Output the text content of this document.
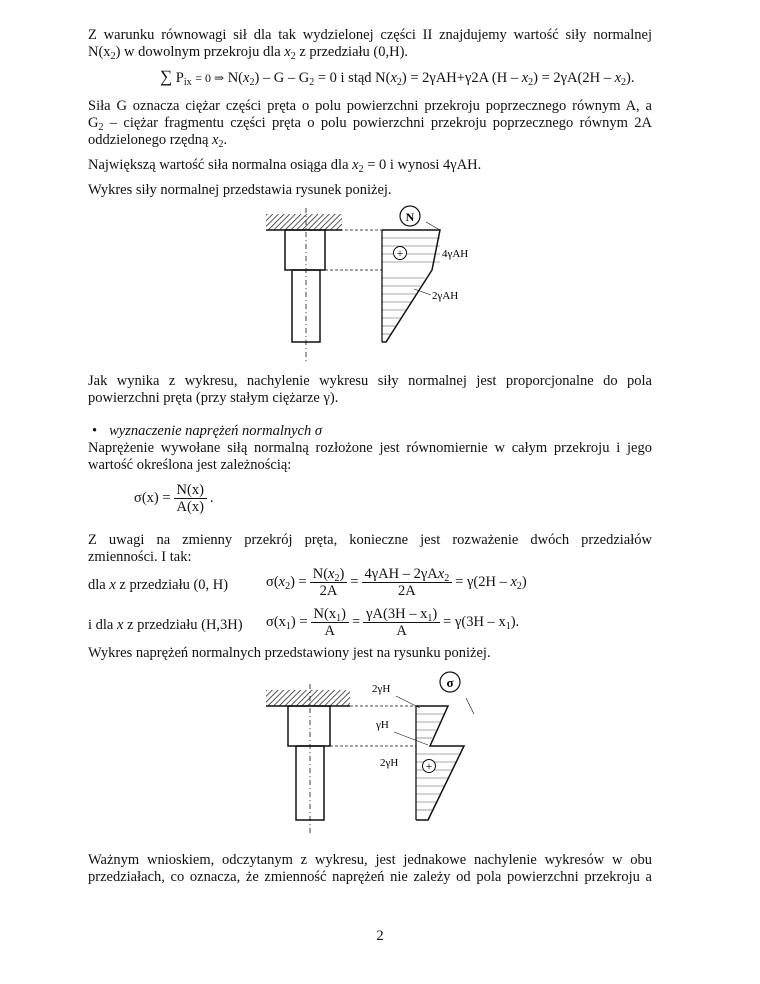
Z warunku równowagi sił dla tak wydzielonej części II znajdujemy wartość siły normalnej
$N(x_2)$ w dowolnym przekroju dla $x_2$ z przedziału (0,H).
∑ $P_{ix} = 0$ ⇒ $N(x_2) - G - G_2 = 0$ i stąd $N(x_2) = 2\gamma AH+\gamma 2A$ $(H - x_2) = 2\gamma A(2H - x_2)$.
Siła G oznacza ciężar części pręta o polu powierzchni przekroju poprzecznego równym A, a
$G_2$ – ciężar fragmentu części pręta o polu powierzchni przekroju poprzecznego równym 2A
oddzielonego rzędną $x_2$.
Największą wartość siła normalna osiąga dla $x_2 = 0$ i wynosi 4γAH.
Wykres siły normalnej przedstawia rysunek poniżej.
N
+	4γAH
2γAH
Jak wynika z wykresu, nachylenie wykresu siły normalnej jest proporcjonalne do pola
powierzchni pręta (przy stałym ciężarze γ).
• wyznaczenie naprężeń normalnych σ
Naprężenie wywołane siłą normalną rozłożone jest równomiernie w całym przekroju i jego
wartość określona jest zależnością:
$\sigma(x) = \frac{N(x)}{A(x)}$ .
Z uwagi na zmienny przekrój pręta, konieczne jest rozważenie dwóch przedziałów
zmienności. I tak:
dla x z przedziału (0, H)	$\sigma(x_2) = \frac{N(x_2)}{2A} = \frac{4\gamma AH - 2\gamma Ax_2}{2A} = \gamma(2H - x_2)$
i dla x z przedziału (H,3H) $\sigma(x_1) = \frac{N(x_1)}{A} = \frac{\gamma A(3H - x_1)}{A} = \gamma(3H - x_1)$.
Wykres naprężeń normalnych przedstawiony jest na rysunku poniżej.
σ
2γH
γH
2γH +
Ważnym wnioskiem, odczytanym z wykresu, jest jednakowe nachylenie wykresów w obu
przedziałach, co oznacza, że zmienność naprężeń nie zależy od pola powierzchni przekroju a
2
